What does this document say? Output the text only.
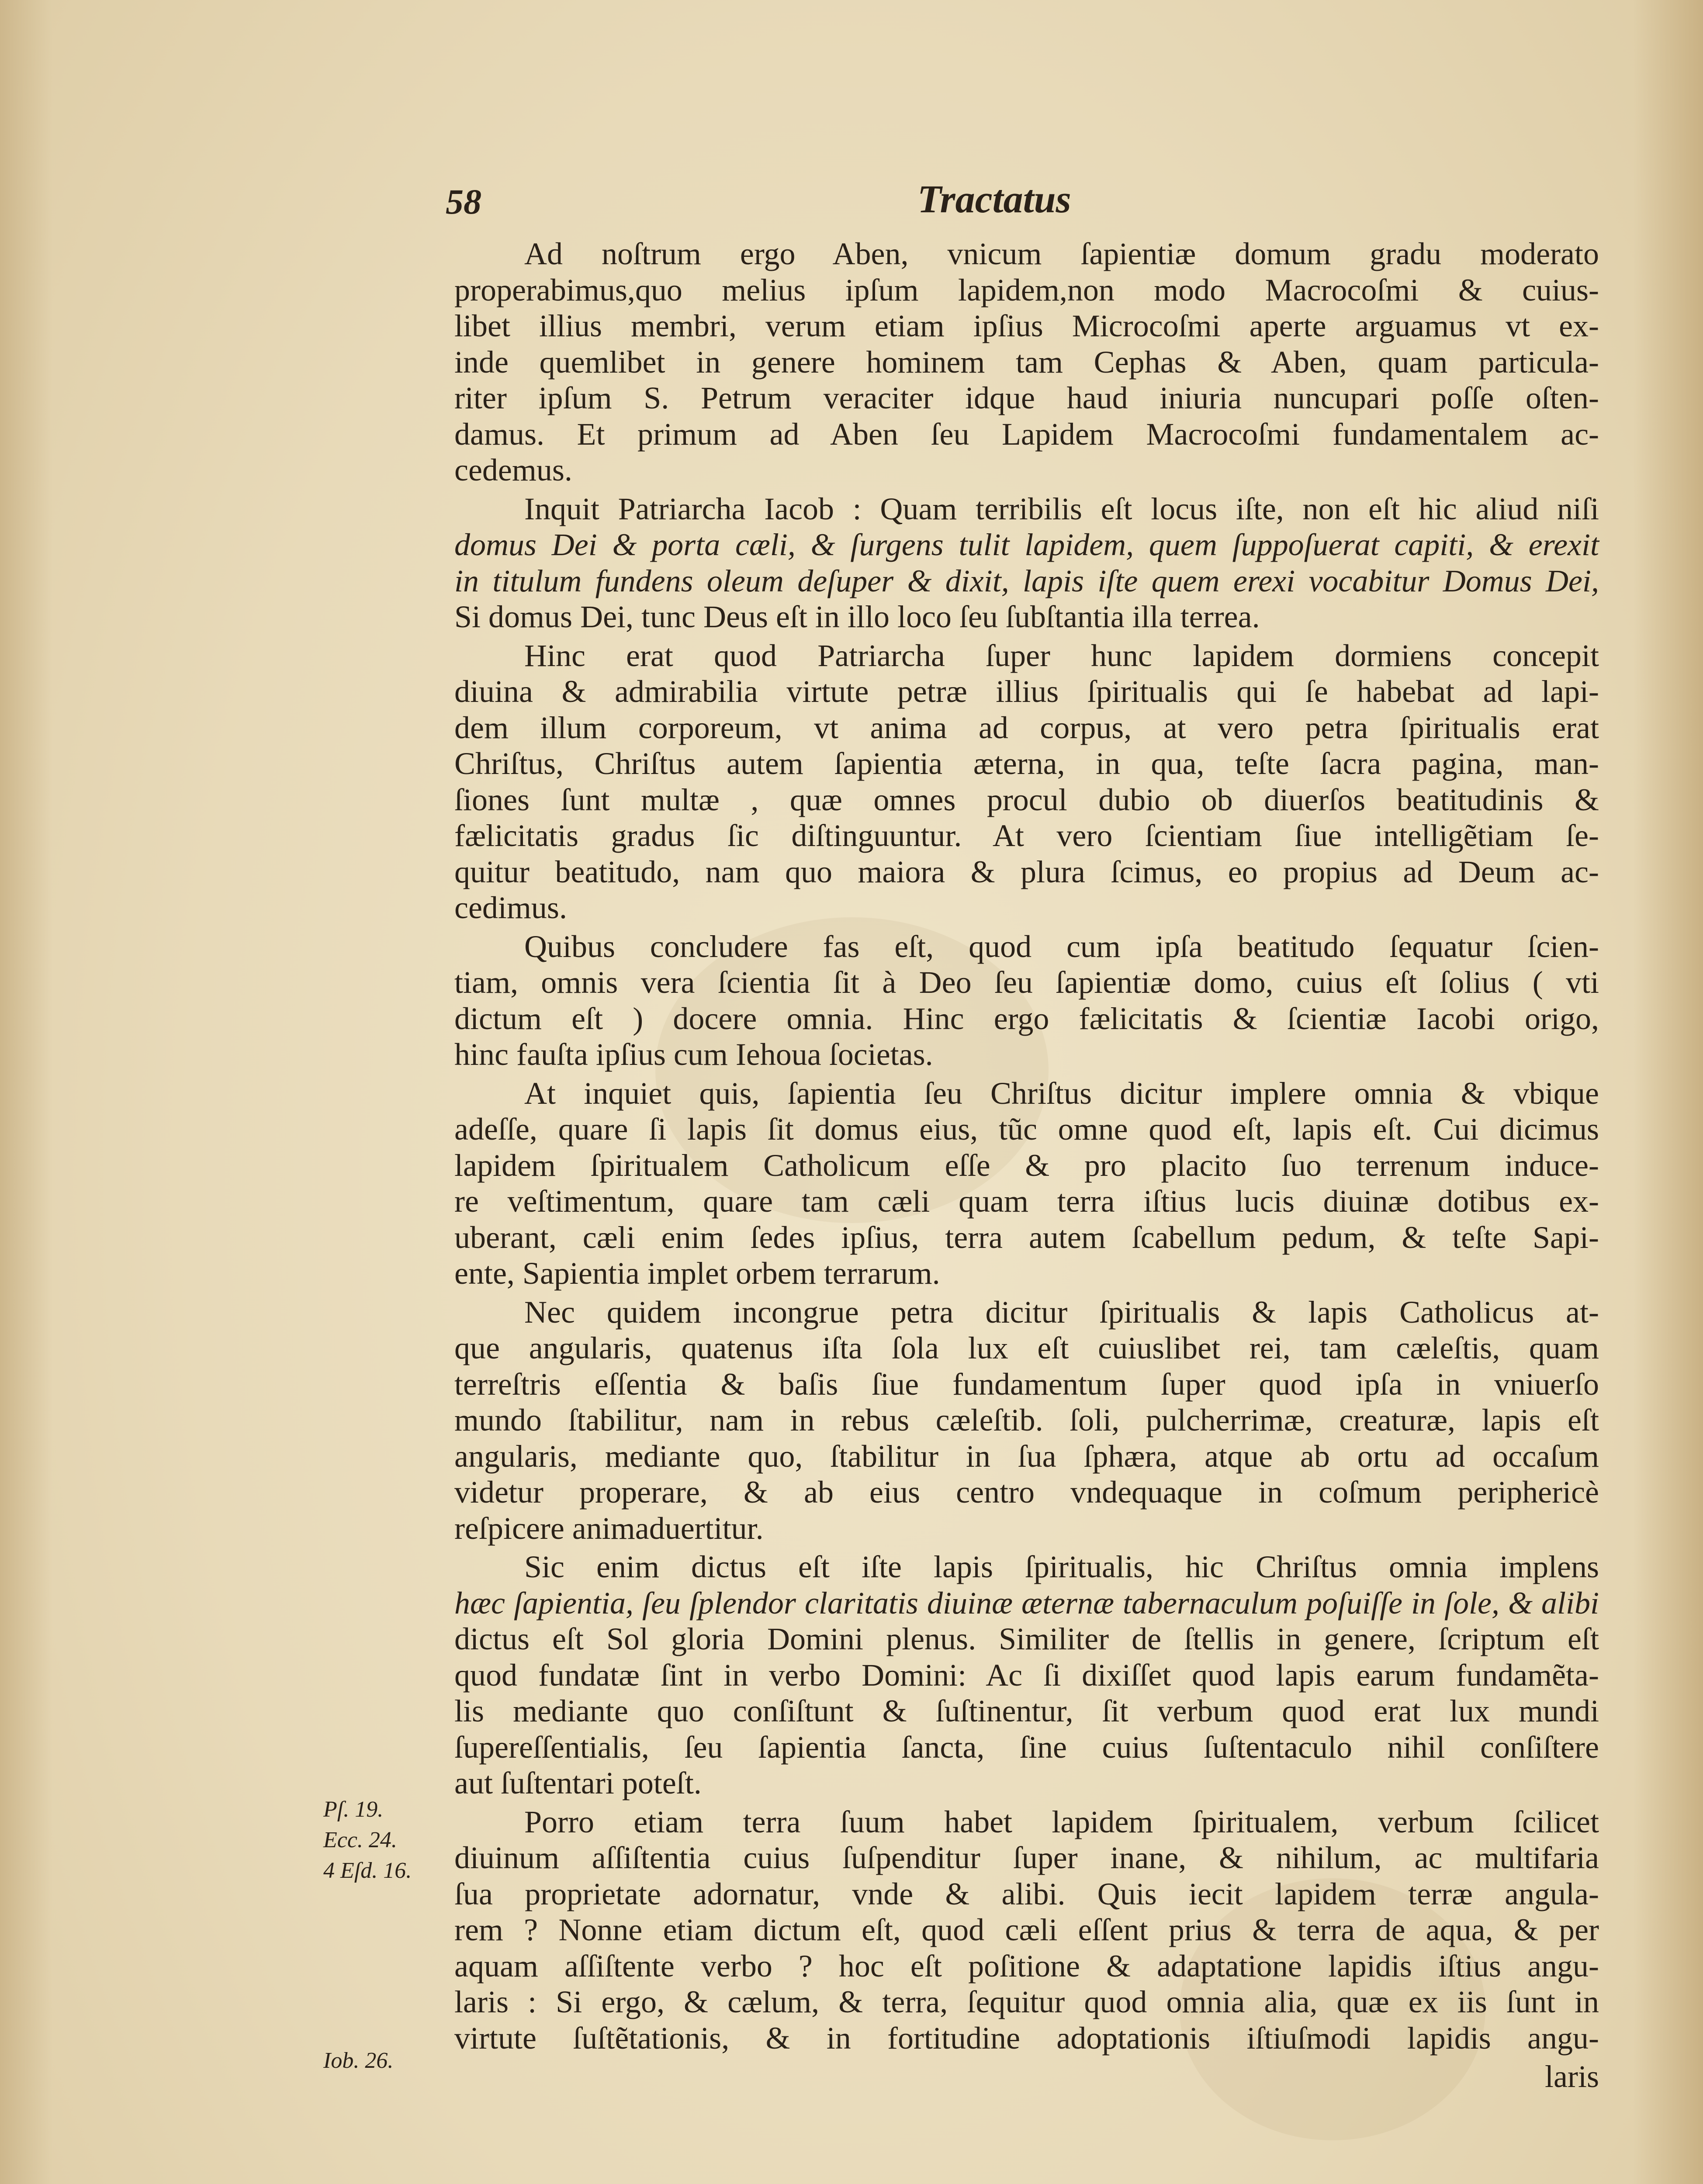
58	Tractatus
Ad noſtrum ergo Aben, vnicum ſapientiæ domum gradu moderato
properabimus,quo melius ipſum lapidem,non modo Macrocoſmi & cuius-
libet illius membri, verum etiam ipſius Microcoſmi aperte arguamus vt ex-
inde quemlibet in genere hominem tam Cephas & Aben, quam particula-
riter ipſum S. Petrum veraciter idque haud iniuria nuncupari poſſe oſten-
damus. Et primum ad Aben ſeu Lapidem Macrocoſmi fundamentalem ac-
cedemus.
Inquit Patriarcha Iacob : Quam terribilis eſt locus iſte, non eſt hic aliud niſi
domus Dei & porta cæli, & ſurgens tulit lapidem, quem ſuppoſuerat capiti, & erexit
in titulum fundens oleum deſuper & dixit, lapis iſte quem erexi vocabitur Domus Dei,
Si domus Dei, tunc Deus eſt in illo loco ſeu ſubſtantia illa terrea.
Hinc erat quod Patriarcha ſuper hunc lapidem dormiens concepit
diuina & admirabilia virtute petræ illius ſpiritualis qui ſe habebat ad lapi-
dem illum corporeum, vt anima ad corpus, at vero petra ſpiritualis erat
Chriſtus, Chriſtus autem ſapientia æterna, in qua, teſte ſacra pagina, man-
ſiones ſunt multæ , quæ omnes procul dubio ob diuerſos beatitudinis &
fælicitatis gradus ſic diſtinguuntur. At vero ſcientiam ſiue intelligẽtiam ſe-
quitur beatitudo, nam quo maiora & plura ſcimus, eo propius ad Deum ac-
cedimus.
Quibus concludere fas eſt, quod cum ipſa beatitudo ſequatur ſcien-
tiam, omnis vera ſcientia ſit à Deo ſeu ſapientiæ domo, cuius eſt ſolius ( vti
dictum eſt ) docere omnia. Hinc ergo fælicitatis & ſcientiæ Iacobi origo,
hinc fauſta ipſius cum Iehoua ſocietas.
At inquiet quis, ſapientia ſeu Chriſtus dicitur implere omnia & vbique
adeſſe, quare ſi lapis ſit domus eius, tũc omne quod eſt, lapis eſt. Cui dicimus
lapidem ſpiritualem Catholicum eſſe & pro placito ſuo terrenum induce-
re veſtimentum, quare tam cæli quam terra iſtius lucis diuinæ dotibus ex-
uberant, cæli enim ſedes ipſius, terra autem ſcabellum pedum, & teſte Sapi-
ente, Sapientia implet orbem terrarum.
Nec quidem incongrue petra dicitur ſpiritualis & lapis Catholicus at-
que angularis, quatenus iſta ſola lux eſt cuiuslibet rei, tam cæleſtis, quam
terreſtris eſſentia & baſis ſiue fundamentum ſuper quod ipſa in vniuerſo
mundo ſtabilitur, nam in rebus cæleſtib. ſoli, pulcherrimæ, creaturæ, lapis eſt
angularis, mediante quo, ſtabilitur in ſua ſphæra, atque ab ortu ad occaſum
videtur properare, & ab eius centro vndequaque in coſmum periphericè
reſpicere animaduertitur.
Sic enim dictus eſt iſte lapis ſpiritualis, hic Chriſtus omnia implens
hæc ſapientia, ſeu ſplendor claritatis diuinæ æternæ tabernaculum poſuiſſe in ſole, & alibi
dictus eſt Sol gloria Domini plenus. Similiter de ſtellis in genere, ſcriptum eſt
quod fundatæ ſint in verbo Domini: Ac ſi dixiſſet quod lapis earum fundamẽta-
lis mediante quo conſiſtunt & ſuſtinentur, ſit verbum quod erat lux mundi
ſupereſſentialis, ſeu ſapientia ſancta, ſine cuius ſuſtentaculo nihil conſiſtere
aut ſuſtentari poteſt.
Porro etiam terra ſuum habet lapidem ſpiritualem, verbum ſcilicet
diuinum aſſiſtentia cuius ſuſpenditur ſuper inane, & nihilum, ac multifaria
ſua proprietate adornatur, vnde & alibi. Quis iecit lapidem terræ angula-
rem ? Nonne etiam dictum eſt, quod cæli eſſent prius & terra de aqua, & per
aquam aſſiſtente verbo ? hoc eſt poſitione & adaptatione lapidis iſtius angu-
laris : Si ergo, & cælum, & terra, ſequitur quod omnia alia, quæ ex iis ſunt in
virtute ſuſtẽtationis, & in fortitudine adoptationis iſtiuſmodi lapidis angu-
laris
Pſ. 19.
Ecc. 24.
4 Eſd. 16.
Iob. 26.
